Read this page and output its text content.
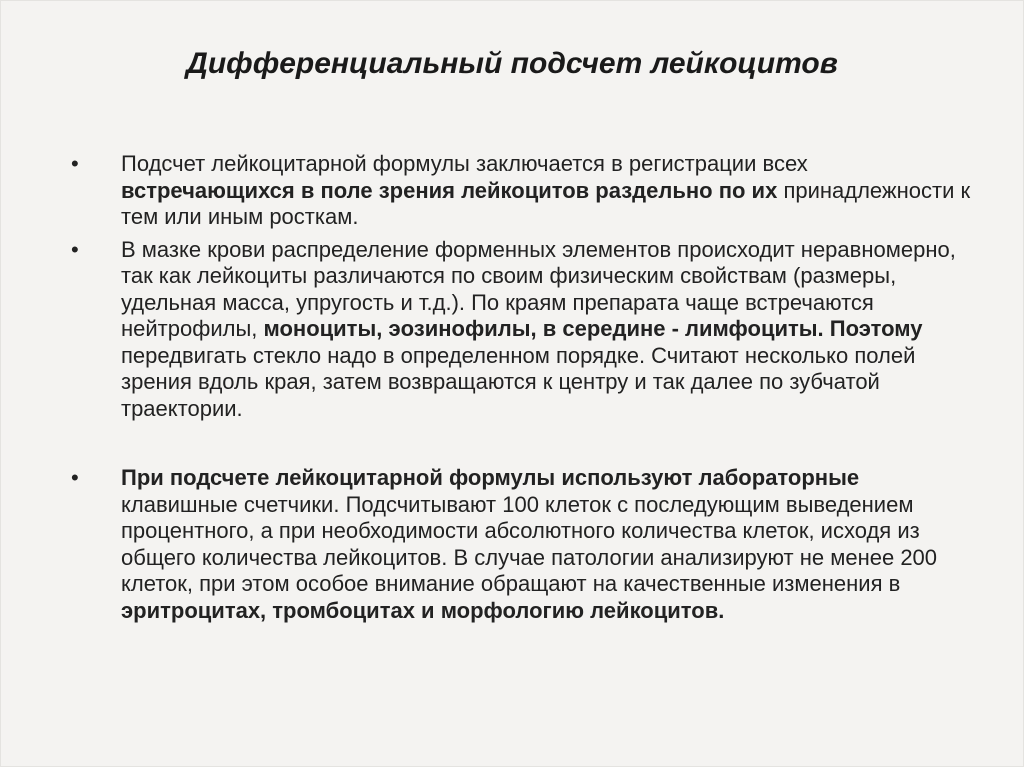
Дифференциальный подсчет лейкоцитов
•	Подсчет лейкоцитарной формулы заключается в регистрации всех встречающихся в поле зрения лейкоцитов раздельно по их принадлежности к тем или иным росткам.
•	В мазке крови распределение форменных элементов происходит неравномерно, так как лейкоциты различаются по своим физическим свойствам (размеры, удельная масса, упругость и т.д.). По краям препарата чаще встречаются нейтрофилы, моноциты, эозинофилы, в середине - лимфоциты. Поэтому передвигать стекло надо в определенном порядке. Считают несколько полей зрения вдоль края, затем возвращаются к центру и так далее по зубчатой траектории.
•	При подсчете лейкоцитарной формулы используют лабораторные клавишные счетчики. Подсчитывают 100 клеток с последующим выведением процентного, а при необходимости абсолютного количества клеток, исходя из общего количества лейкоцитов. В случае патологии анализируют не менее 200 клеток, при этом особое внимание обращают на качественные изменения в эритроцитах, тромбоцитах и морфологию лейкоцитов.
